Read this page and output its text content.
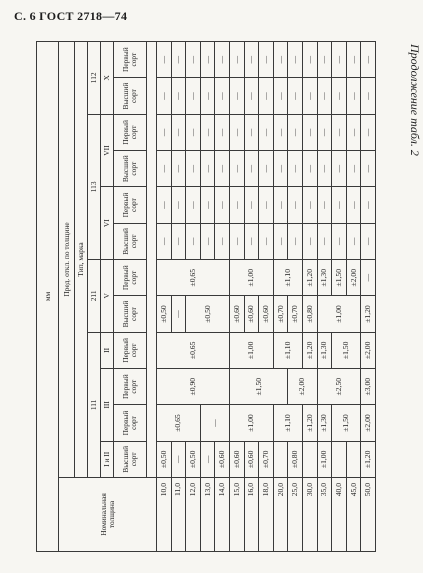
С. 6 ГОСТ 2718—74
Продолжение табл. 2
мм												
Номинальная толщина	Пред. откл. по толщине											
	Тип, марка											
	111				211		113				112	
	I и II	III		II	V		VI		VII		X	
	Высший сорт	Первый сорт	Первый сорт	Первый сорт	Высший сорт	Первый сорт	Высший сорт	Первый сорт	Высший сорт	Первый сорт	Высший сорт	Первый сорт

10,0	±0,50	±0,65	±0,90	±0,65	±0,50	±0,65	—	—	—	—	—	—
11,0	—				—		—	—	—	—	—	—
12,0	±0,50				±0,50		—	—	—	—	—	—
13,0	—	—					—	—	—	—	—	—
14,0	±0,60						—	—	—	—	—	—
15,0	±0,60	±1,00	±1,50	±1,00	±0,60	±1,00	—	—	—	—	—	—
16,0	±0,60				±0,60		—	—	—	—	—	—
18,0	±0,70				±0,60		—	—	—	—	—	—
20,0		±1,10		±1,10	±0,70	±1,10	—	—	—	—	—	—
25,0	±0,80		±2,00		±0,70		—	—	—	—	—	—
30,0		±1,20		±1,20	±0,80	±1,20	—	—	—	—	—	—
35,0	±1,00	±1,30	±2,50	±1,30	±1,00	±1,30	—	—	—	—	—	—
40,0		±1,50		±1,50		±1,50	—	—	—	—	—	—
45,0						±2,00	—	—	—	—	—	—
50,0	±1,20	±2,00	±3,00	±2,00	±1,20	—	—	—	—	—	—	—
